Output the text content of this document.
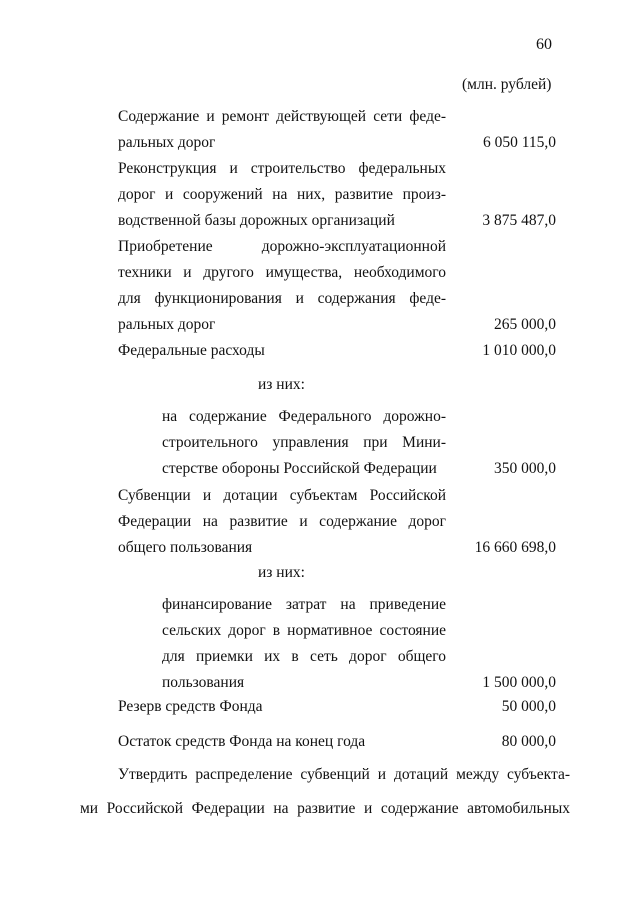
60
(млн. рублей)
Содержание и ремонт действующей сети феде-
ральных дорог	6 050 115,0
Реконструкция и строительство федеральных
дорог и сооружений на них, развитие произ-
водственной базы дорожных организаций	3 875 487,0
Приобретение дорожно-эксплуатационной
техники и другого имущества, необходимого
для функционирования и содержания феде-
ральных дорог	265 000,0
Федеральные расходы	1 010 000,0
из них:
на содержание Федерального дорожно-
строительного управления при Мини-
стерстве обороны Российской Федерации	350 000,0
Субвенции и дотации субъектам Российской
Федерации на развитие и содержание дорог
общего пользования	16 660 698,0
из них:
финансирование затрат на приведение
сельских дорог в нормативное состояние
для приемки их в сеть дорог общего
пользования	1 500 000,0
Резерв средств Фонда	50 000,0
Остаток средств Фонда на конец года	80 000,0
Утвердить распределение субвенций и дотаций между субъекта-
ми Российской Федерации на развитие и содержание автомобильных
